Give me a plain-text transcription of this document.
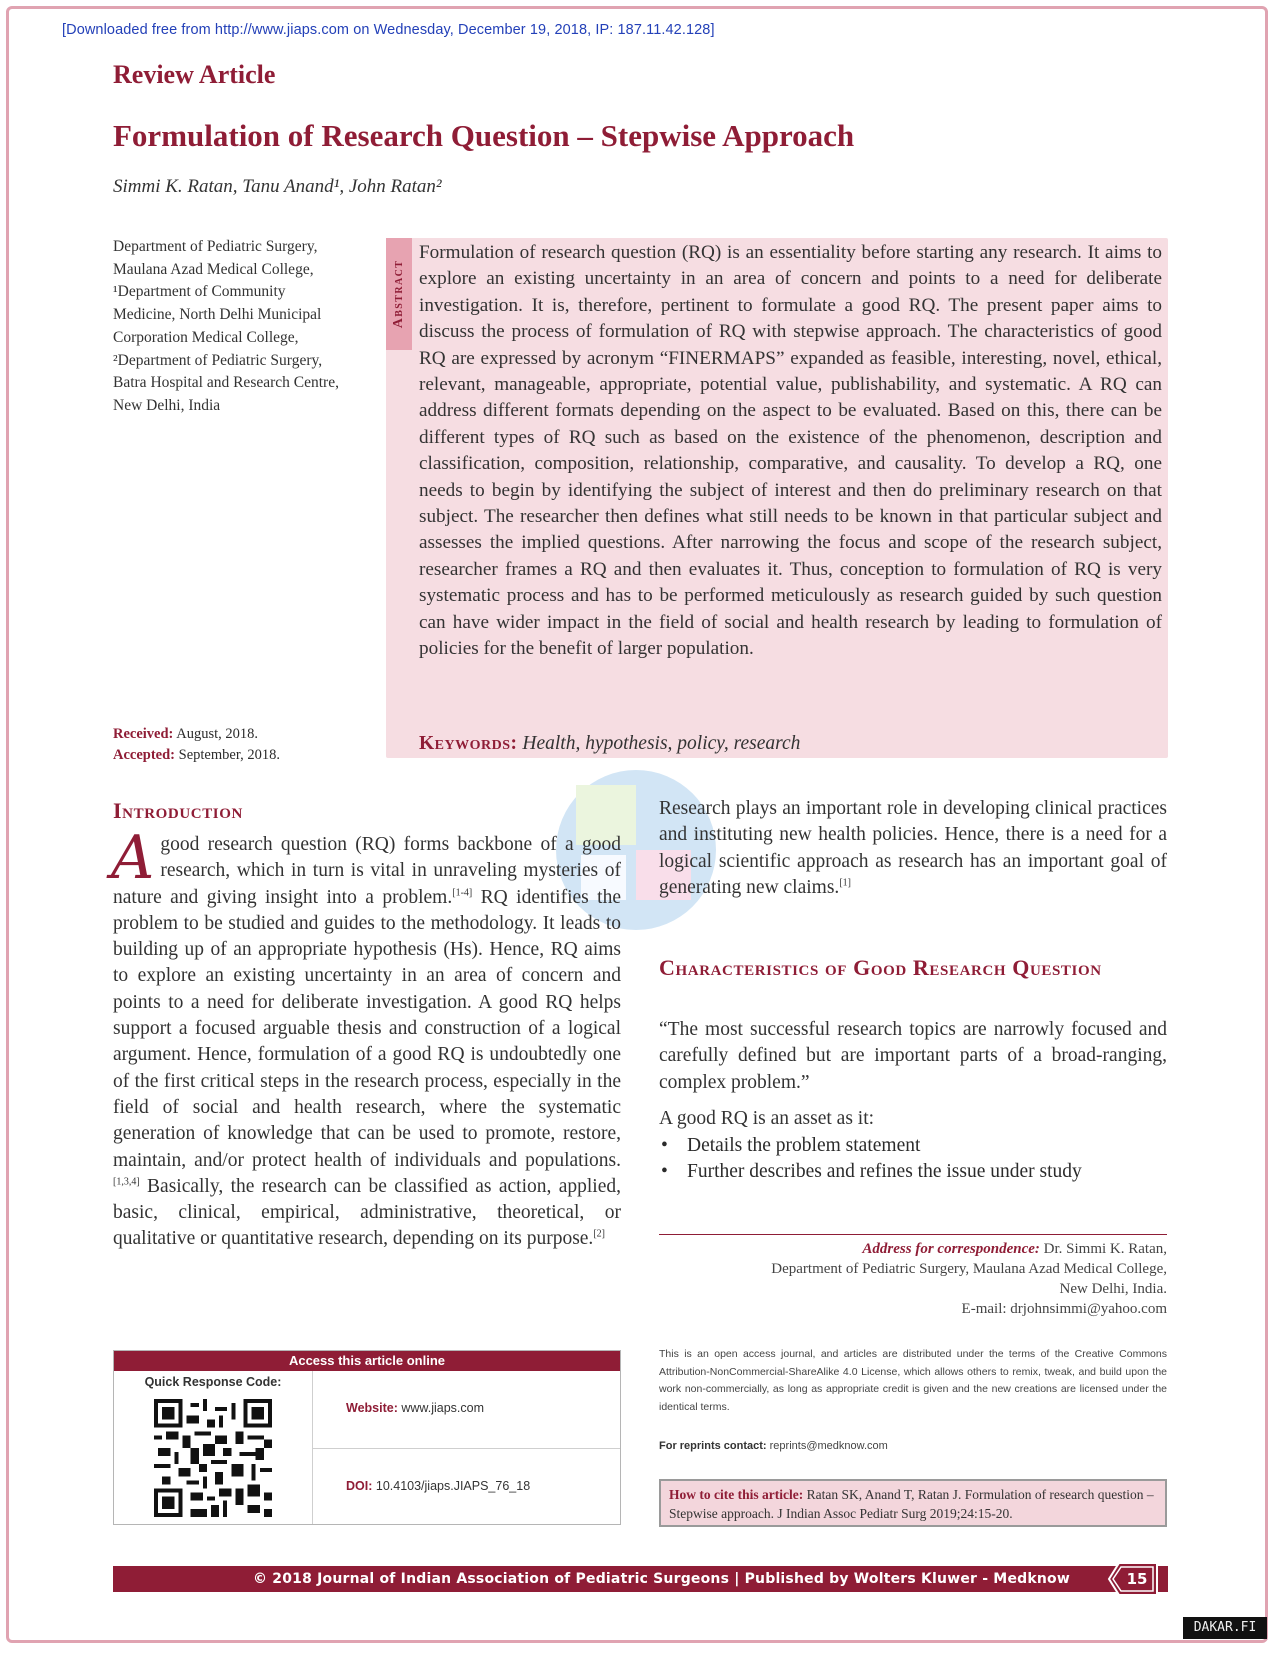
[Downloaded free from http://www.jiaps.com on Wednesday, December 19, 2018, IP: 187.11.42.128]
Review Article
Formulation of Research Question – Stepwise Approach
Simmi K. Ratan, Tanu Anand¹, John Ratan²
Department of Pediatric Surgery, Maulana Azad Medical College, ¹Department of Community Medicine, North Delhi Municipal Corporation Medical College, ²Department of Pediatric Surgery, Batra Hospital and Research Centre, New Delhi, India
Abstract
Formulation of research question (RQ) is an essentiality before starting any research. It aims to explore an existing uncertainty in an area of concern and points to a need for deliberate investigation. It is, therefore, pertinent to formulate a good RQ. The present paper aims to discuss the process of formulation of RQ with stepwise approach. The characteristics of good RQ are expressed by acronym “FINERMAPS” expanded as feasible, interesting, novel, ethical, relevant, manageable, appropriate, potential value, publishability, and systematic. A RQ can address different formats depending on the aspect to be evaluated. Based on this, there can be different types of RQ such as based on the existence of the phenomenon, description and classification, composition, relationship, comparative, and causality. To develop a RQ, one needs to begin by identifying the subject of interest and then do preliminary research on that subject. The researcher then defines what still needs to be known in that particular subject and assesses the implied questions. After narrowing the focus and scope of the research subject, researcher frames a RQ and then evaluates it. Thus, conception to formulation of RQ is very systematic process and has to be performed meticulously as research guided by such question can have wider impact in the field of social and health research by leading to formulation of policies for the benefit of larger population.
Keywords: Health, hypothesis, policy, research
Received: August, 2018.
Accepted: September, 2018.
Introduction
Agood research question (RQ) forms backbone of a good research, which in turn is vital in unraveling mysteries of nature and giving insight into a problem.[1-4] RQ identifies the problem to be studied and guides to the methodology. It leads to building up of an appropriate hypothesis (Hs). Hence, RQ aims to explore an existing uncertainty in an area of concern and points to a need for deliberate investigation. A good RQ helps support a focused arguable thesis and construction of a logical argument. Hence, formulation of a good RQ is undoubtedly one of the first critical steps in the research process, especially in the field of social and health research, where the systematic generation of knowledge that can be used to promote, restore, maintain, and/or protect health of individuals and populations.[1,3,4] Basically, the research can be classified as action, applied, basic, clinical, empirical, administrative, theoretical, or qualitative or quantitative research, depending on its purpose.[2]
Access this article online
Quick Response Code:
Website: www.jiaps.com
DOI: 10.4103/jiaps.JIAPS_76_18
Research plays an important role in developing clinical practices and instituting new health policies. Hence, there is a need for a logical scientific approach as research has an important goal of generating new claims.[1]
Characteristics of Good Research Question
“The most successful research topics are narrowly focused and carefully defined but are important parts of a broad-ranging, complex problem.”
A good RQ is an asset as it:
• Details the problem statement
• Further describes and refines the issue under study
Address for correspondence: Dr. Simmi K. Ratan,
Department of Pediatric Surgery, Maulana Azad Medical College,
New Delhi, India.
E-mail: drjohnsimmi@yahoo.com
This is an open access journal, and articles are distributed under the terms of the Creative Commons Attribution-NonCommercial-ShareAlike 4.0 License, which allows others to remix, tweak, and build upon the work non-commercially, as long as appropriate credit is given and the new creations are licensed under the identical terms.
For reprints contact: reprints@medknow.com
How to cite this article: Ratan SK, Anand T, Ratan J. Formulation of research question – Stepwise approach. J Indian Assoc Pediatr Surg 2019;24:15-20.
© 2018 Journal of Indian Association of Pediatric Surgeons | Published by Wolters Kluwer - Medknow	15
DAKAR.FI
